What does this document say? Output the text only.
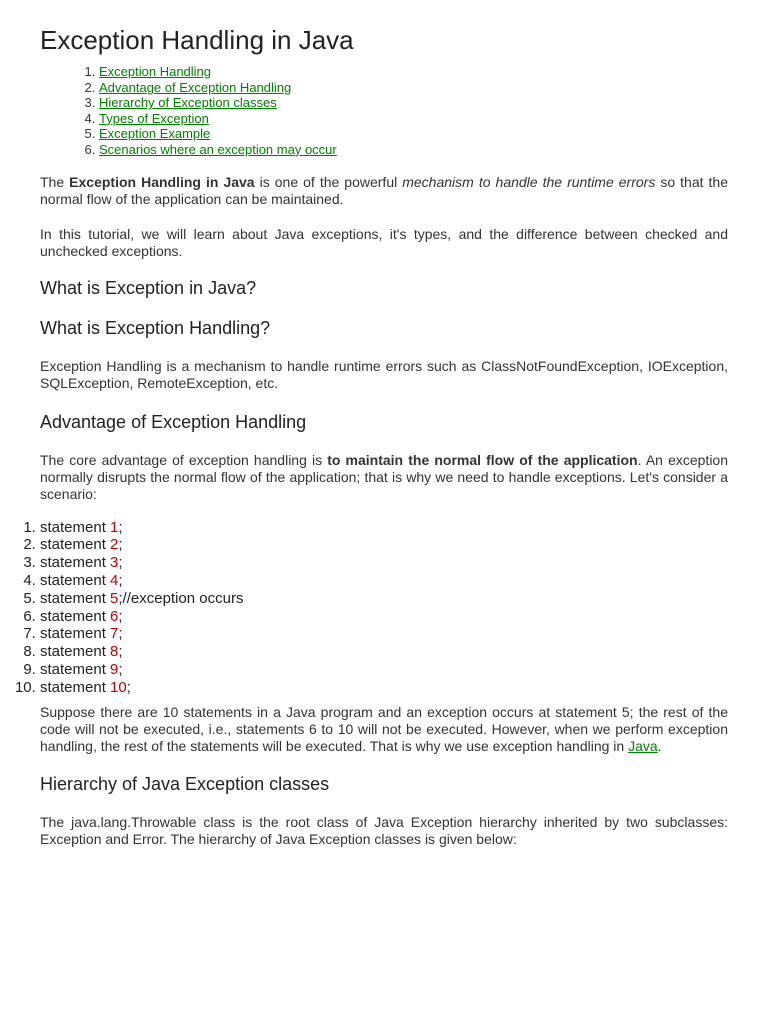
Exception Handling in Java
1. Exception Handling
2. Advantage of Exception Handling
3. Hierarchy of Exception classes
4. Types of Exception
5. Exception Example
6. Scenarios where an exception may occur

The Exception Handling in Java is one of the powerful mechanism to handle the runtime errors so that the normal flow of the application can be maintained.

In this tutorial, we will learn about Java exceptions, it's types, and the difference between checked and unchecked exceptions.

What is Exception in Java?
What is Exception Handling?

Exception Handling is a mechanism to handle runtime errors such as ClassNotFoundException, IOException, SQLException, RemoteException, etc.

Advantage of Exception Handling

The core advantage of exception handling is to maintain the normal flow of the application. An exception normally disrupts the normal flow of the application; that is why we need to handle exceptions. Let's consider a scenario:

1. statement 1;
2. statement 2;
3. statement 3;
4. statement 4;
5. statement 5;//exception occurs
6. statement 6;
7. statement 7;
8. statement 8;
9. statement 9;
10. statement 10;

Suppose there are 10 statements in a Java program and an exception occurs at statement 5; the rest of the code will not be executed, i.e., statements 6 to 10 will not be executed. However, when we perform exception handling, the rest of the statements will be executed. That is why we use exception handling in Java.

Hierarchy of Java Exception classes

The java.lang.Throwable class is the root class of Java Exception hierarchy inherited by two subclasses: Exception and Error. The hierarchy of Java Exception classes is given below:
